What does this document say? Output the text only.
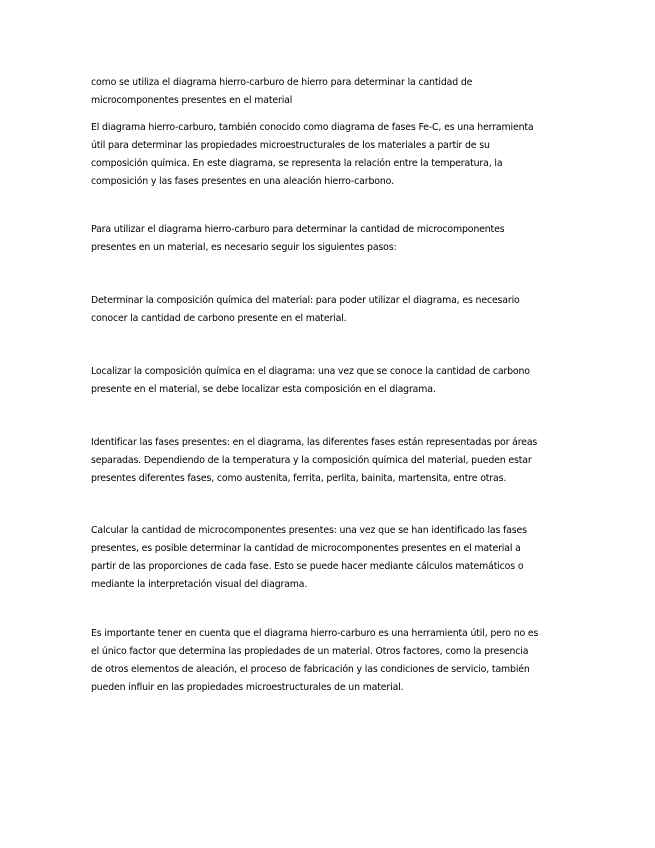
como se utiliza el diagrama hierro-carburo de hierro para determinar la cantidad de
microcomponentes presentes en el material

El diagrama hierro-carburo, también conocido como diagrama de fases Fe-C, es una herramienta
útil para determinar las propiedades microestructurales de los materiales a partir de su
composición química. En este diagrama, se representa la relación entre la temperatura, la
composición y las fases presentes en una aleación hierro-carbono.

Para utilizar el diagrama hierro-carburo para determinar la cantidad de microcomponentes
presentes en un material, es necesario seguir los siguientes pasos:

Determinar la composición química del material: para poder utilizar el diagrama, es necesario
conocer la cantidad de carbono presente en el material.

Localizar la composición química en el diagrama: una vez que se conoce la cantidad de carbono
presente en el material, se debe localizar esta composición en el diagrama.

Identificar las fases presentes: en el diagrama, las diferentes fases están representadas por áreas
separadas. Dependiendo de la temperatura y la composición química del material, pueden estar
presentes diferentes fases, como austenita, ferrita, perlita, bainita, martensita, entre otras.

Calcular la cantidad de microcomponentes presentes: una vez que se han identificado las fases
presentes, es posible determinar la cantidad de microcomponentes presentes en el material a
partir de las proporciones de cada fase. Esto se puede hacer mediante cálculos matemáticos o
mediante la interpretación visual del diagrama.

Es importante tener en cuenta que el diagrama hierro-carburo es una herramienta útil, pero no es
el único factor que determina las propiedades de un material. Otros factores, como la presencia
de otros elementos de aleación, el proceso de fabricación y las condiciones de servicio, también
pueden influir en las propiedades microestructurales de un material.
